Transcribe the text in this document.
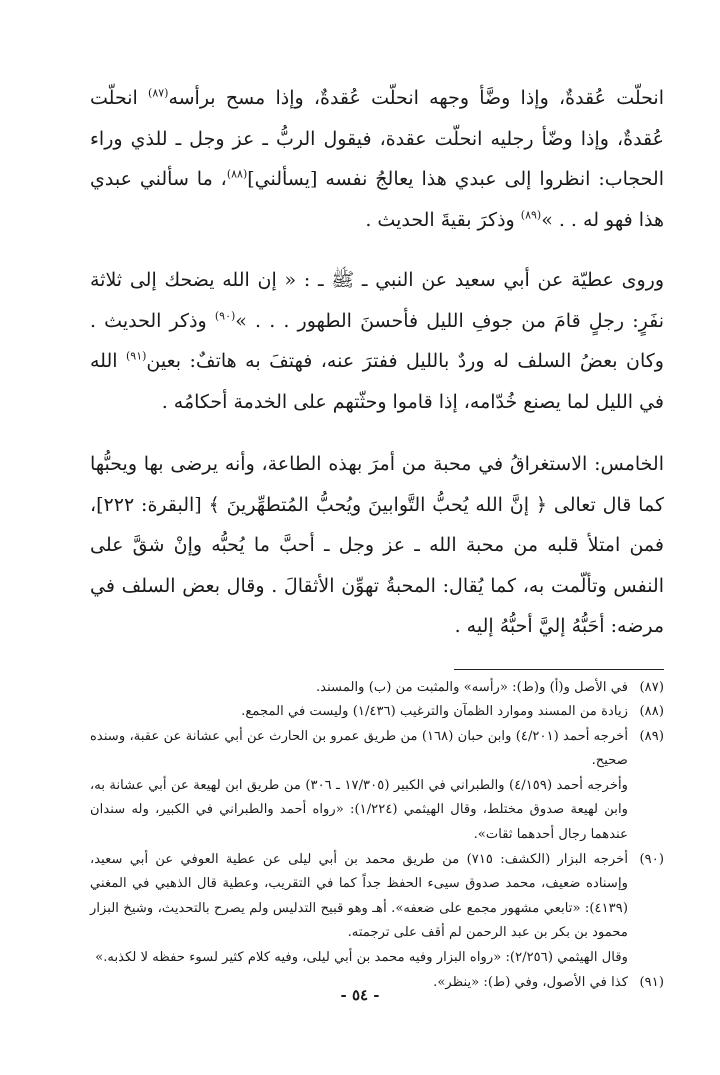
انحلّت عُقدةٌ، وإذا وضَّأ وجهه انحلّت عُقدةٌ، وإذا مسح برأسه$^{(٨٧)}$ انحلّت عُقدةٌ، وإذا وضّأ رجليه انحلّت عقدة، فيقول الربُّ ـ عز وجل ـ للذي وراء الحجاب: انظروا إلى عبدي هذا يعالجُ نفسه [يسألني]$^{(٨٨)}$، ما سألني عبدي هذا فهو له . . »$^{(٨٩)}$ وذكرَ بقيةَ الحديث .

وروى عطيّة عن أبي سعيد عن النبي ـ ﷺ ـ : « إن الله يضحك إلى ثلاثة نفَرٍ: رجلٍ قامَ من جوفِ الليل فأحسنَ الطهور . . . »$^{(٩٠)}$ وذكر الحديث . وكان بعضُ السلف له وردٌ بالليل ففترَ عنه، فهتفَ به هاتفٌ: بعين$^{(٩١)}$ الله في الليل لما يصنع خُدّامه، إذا قاموا وحثّتهم على الخدمة أحكامُه .

الخامس: الاستغراقُ في محبة من أمرَ بهذه الطاعة، وأنه يرضى بها ويحبُّها كما قال تعالى ﴿ إنَّ الله يُحبُّ التَّوابينَ ويُحبُّ المُتطهِّرينَ ﴾ [البقرة: ٢٢٢]، فمن امتلأ قلبه من محبة الله ـ عز وجل ـ أحبَّ ما يُحبُّه وإنْ شقَّ على النفس وتألّمت به، كما يُقال: المحبةُ تهوِّن الأثقالَ . وقال بعض السلف في مرضه: أحَبُّهُ إليَّ أحبُّهُ إليه .

(٨٧)
في الأصل و(أ) و(ط): «رأسه» والمثبت من (ب) والمسند.
(٨٨)
زيادة من المسند وموارد الظمآن والترغيب (١/٤٣٦) وليست في المجمع.
(٨٩)
أخرجه أحمد (٤/٢٠١) وابن حبان (١٦٨) من طريق عمرو بن الحارث عن أبي عشانة عن عقبة، وسنده صحيح.
وأخرجه أحمد (٤/١٥٩) والطبراني في الكبير (١٧/٣٠٥ ـ ٣٠٦) من طريق ابن لهيعة عن أبي عشانة به، وابن لهيعة صدوق مختلط، وقال الهيثمي (١/٢٢٤): «رواه أحمد والطبراني في الكبير، وله سندان عندهما رجال أحدهما ثقات».
(٩٠)
أخرجه البزار (الكشف: ٧١٥) من طريق محمد بن أبي ليلى عن عطية العوفي عن أبي سعيد، وإسناده ضعيف، محمد صدوق سيىء الحفظ جداً كما في التقريب، وعطية قال الذهبي في المغني (٤١٣٩): «تابعي مشهور مجمع على ضعفه». أهـ وهو قبيح التدليس ولم يصرح بالتحديث، وشيخ البزار محمود بن بكر بن عبد الرحمن لم أقف على ترجمته.
وقال الهيثمي (٢/٢٥٦): «رواه البزار وفيه محمد بن أبي ليلى، وفيه كلام كثير لسوء حفظه لا لكذبه.»
(٩١)
كذا في الأصول، وفي (ط): «ينظر».
- ٥٤ -
